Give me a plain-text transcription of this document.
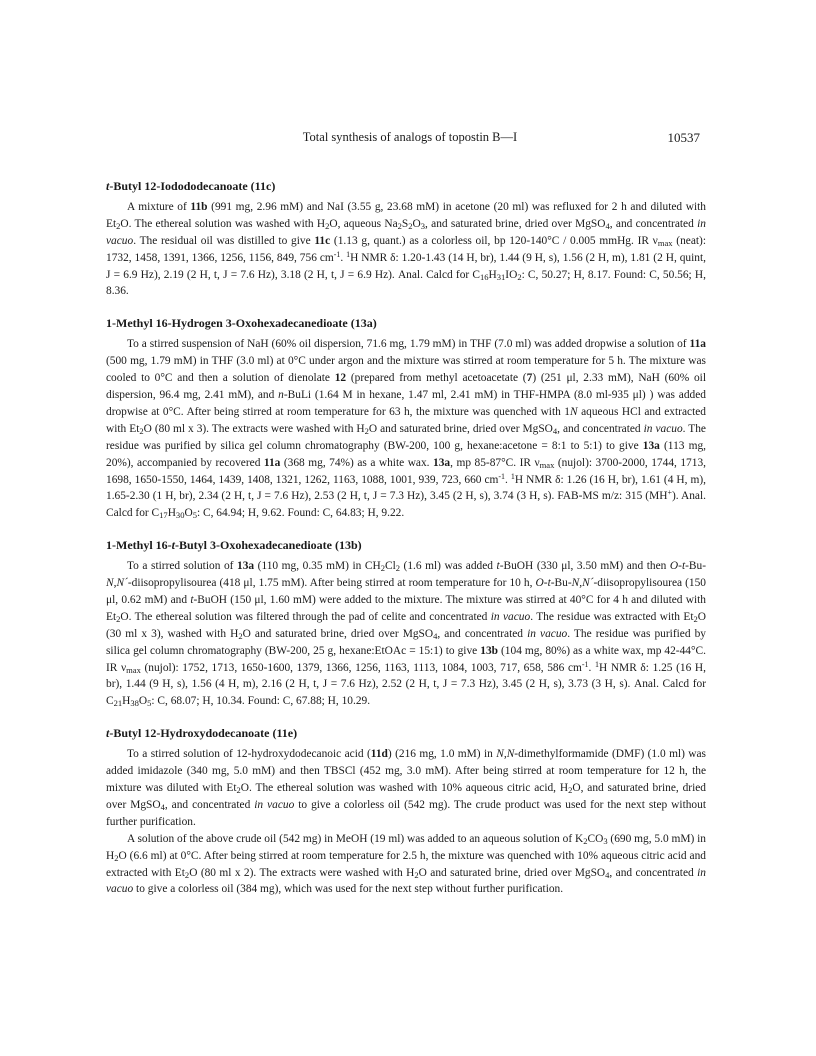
Total synthesis of analogs of topostin B—I	10537
t-Butyl 12-Iodododecanoate (11c)

A mixture of 11b (991 mg, 2.96 mM) and NaI (3.55 g, 23.68 mM) in acetone (20 ml) was refluxed for 2 h and diluted with $Et_2O$. The ethereal solution was washed with $H_2O$, aqueous $Na_2S_2O_3$, and saturated brine, dried over MgSO$_4$, and concentrated in vacuo. The residual oil was distilled to give 11c (1.13 g, quant.) as a colorless oil, bp 120-140°C / 0.005 mmHg. IR $\nu_{max}$ (neat): 1732, 1458, 1391, 1366, 1256, 1156, 849, 756 $cm^{-1}$. $^1$H NMR δ: 1.20-1.43 (14 H, br), 1.44 (9 H, s), 1.56 (2 H, m), 1.81 (2 H, quint, J = 6.9 Hz), 2.19 (2 H, t, J = 7.6 Hz), 3.18 (2 H, t, J = 6.9 Hz). Anal. Calcd for $C_{16}H_{31}IO_2$: C, 50.27; H, 8.17. Found: C, 50.56; H, 8.36.

1-Methyl 16-Hydrogen 3-Oxohexadecanedioate (13a)

To a stirred suspension of NaH (60% oil dispersion, 71.6 mg, 1.79 mM) in THF (7.0 ml) was added dropwise a solution of 11a (500 mg, 1.79 mM) in THF (3.0 ml) at 0°C under argon and the mixture was stirred at room temperature for 5 h. The mixture was cooled to 0°C and then a solution of dienolate 12 (prepared from methyl acetoacetate (7) (251 μl, 2.33 mM), NaH (60% oil dispersion, 96.4 mg, 2.41 mM), and n-BuLi (1.64 M in hexane, 1.47 ml, 2.41 mM) in THF-HMPA (8.0 ml-935 μl) ) was added dropwise at 0°C. After being stirred at room temperature for 63 h, the mixture was quenched with 1N aqueous HCl and extracted with $Et_2O$ (80 ml x 3). The extracts were washed with $H_2O$ and saturated brine, dried over MgSO$_4$, and concentrated in vacuo. The residue was purified by silica gel column chromatography (BW-200, 100 g, hexane:acetone = 8:1 to 5:1) to give 13a (113 mg, 20%), accompanied by recovered 11a (368 mg, 74%) as a white wax. 13a, mp 85-87°C. IR $\nu_{max}$ (nujol): 3700-2000, 1744, 1713, 1698, 1650-1550, 1464, 1439, 1408, 1321, 1262, 1163, 1088, 1001, 939, 723, 660 $cm^{-1}$. $^1$H NMR δ: 1.26 (16 H, br), 1.61 (4 H, m), 1.65-2.30 (1 H, br), 2.34 (2 H, t, J = 7.6 Hz), 2.53 (2 H, t, J = 7.3 Hz), 3.45 (2 H, s), 3.74 (3 H, s). FAB-MS m/z: 315 (MH+). Anal. Calcd for $C_{17}H_{30}O_5$: C, 64.94; H, 9.62. Found: C, 64.83; H, 9.22.

1-Methyl 16-t-Butyl 3-Oxohexadecanedioate (13b)

To a stirred solution of 13a (110 mg, 0.35 mM) in $CH_2Cl_2$ (1.6 ml) was added t-BuOH (330 μl, 3.50 mM) and then O-t-Bu-N,N´-diisopropylisourea (418 μl, 1.75 mM). After being stirred at room temperature for 10 h, O-t-Bu-N,N´-diisopropylisourea (150 μl, 0.62 mM) and t-BuOH (150 μl, 1.60 mM) were added to the mixture. The mixture was stirred at 40°C for 4 h and diluted with $Et_2O$. The ethereal solution was filtered through the pad of celite and concentrated in vacuo. The residue was extracted with $Et_2O$ (30 ml x 3), washed with $H_2O$ and saturated brine, dried over MgSO$_4$, and concentrated in vacuo. The residue was purified by silica gel column chromatography (BW-200, 25 g, hexane:EtOAc = 15:1) to give 13b (104 mg, 80%) as a white wax, mp 42-44°C. IR $\nu_{max}$ (nujol): 1752, 1713, 1650-1600, 1379, 1366, 1256, 1163, 1113, 1084, 1003, 717, 658, 586 $cm^{-1}$. $^1$H NMR δ: 1.25 (16 H, br), 1.44 (9 H, s), 1.56 (4 H, m), 2.16 (2 H, t, J = 7.6 Hz), 2.52 (2 H, t, J = 7.3 Hz), 3.45 (2 H, s), 3.73 (3 H, s). Anal. Calcd for $C_{21}H_{38}O_5$: C, 68.07; H, 10.34. Found: C, 67.88; H, 10.29.

t-Butyl 12-Hydroxydodecanoate (11e)

To a stirred solution of 12-hydroxydodecanoic acid (11d) (216 mg, 1.0 mM) in N,N-dimethylformamide (DMF) (1.0 ml) was added imidazole (340 mg, 5.0 mM) and then TBSCl (452 mg, 3.0 mM). After being stirred at room temperature for 12 h, the mixture was diluted with $Et_2O$. The ethereal solution was washed with 10% aqueous citric acid, $H_2O$, and saturated brine, dried over MgSO$_4$, and concentrated in vacuo to give a colorless oil (542 mg). The crude product was used for the next step without further purification.

A solution of the above crude oil (542 mg) in MeOH (19 ml) was added to an aqueous solution of $K_2CO_3$ (690 mg, 5.0 mM) in $H_2O$ (6.6 ml) at 0°C. After being stirred at room temperature for 2.5 h, the mixture was quenched with 10% aqueous citric acid and extracted with $Et_2O$ (80 ml x 2). The extracts were washed with $H_2O$ and saturated brine, dried over MgSO$_4$, and concentrated in vacuo to give a colorless oil (384 mg), which was used for the next step without further purification.
